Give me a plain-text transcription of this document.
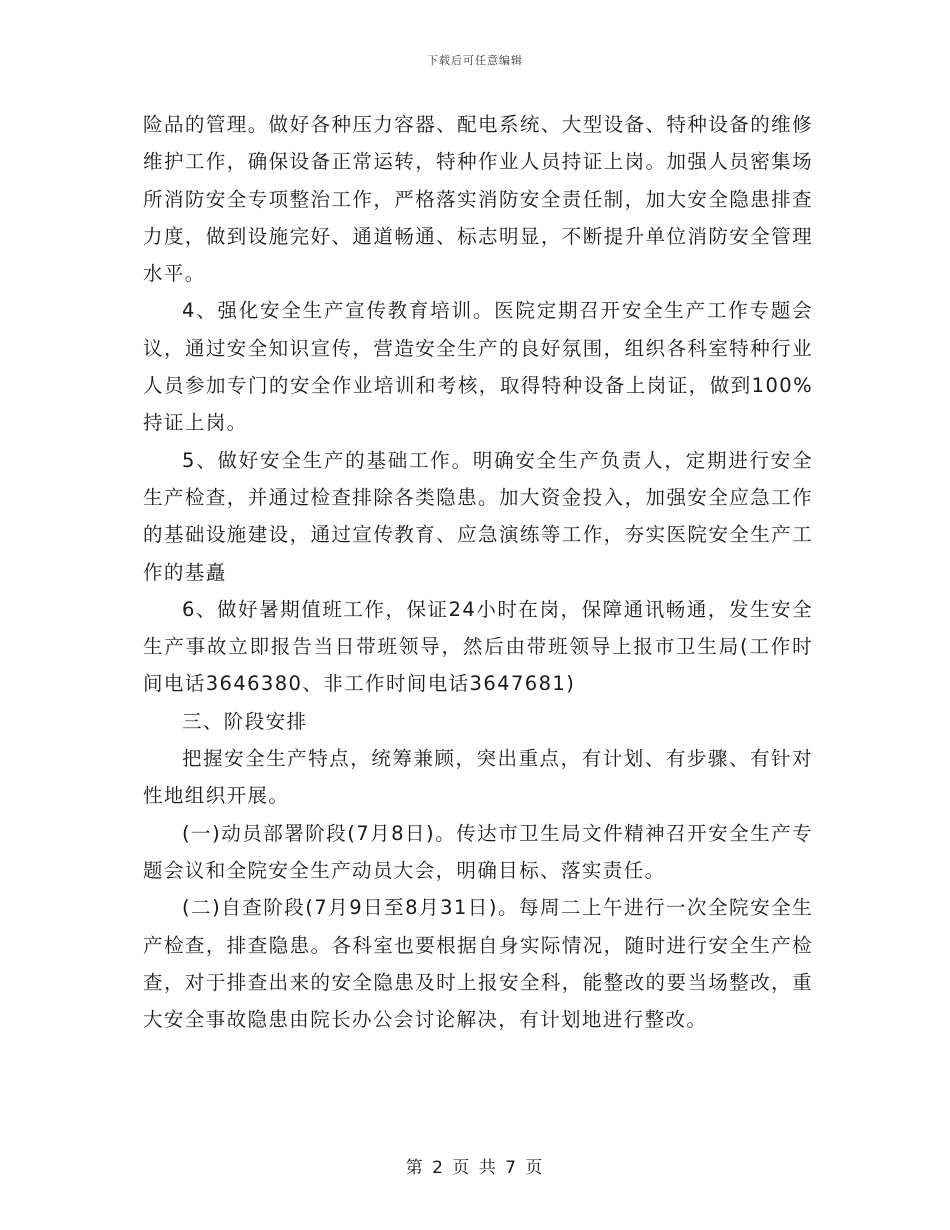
下载后可任意编辑

险品的管理。做好各种压力容器、配电系统、大型设备、特种设备的维修维护工作，确保设备正常运转，特种作业人员持证上岗。加强人员密集场所消防安全专项整治工作，严格落实消防安全责任制，加大安全隐患排查力度，做到设施完好、通道畅通、标志明显，不断提升单位消防安全管理水平。

4、强化安全生产宣传教育培训。医院定期召开安全生产工作专题会议，通过安全知识宣传，营造安全生产的良好氛围，组织各科室特种行业人员参加专门的安全作业培训和考核，取得特种设备上岗证，做到100%持证上岗。

5、做好安全生产的基础工作。明确安全生产负责人，定期进行安全生产检查，并通过检查排除各类隐患。加大资金投入，加强安全应急工作的基础设施建设，通过宣传教育、应急演练等工作，夯实医院安全生产工作的基矗

6、做好暑期值班工作，保证24小时在岗，保障通讯畅通，发生安全生产事故立即报告当日带班领导，然后由带班领导上报市卫生局(工作时间电话3646380、非工作时间电话3647681)

三、阶段安排

把握安全生产特点，统筹兼顾，突出重点，有计划、有步骤、有针对性地组织开展。

(一)动员部署阶段(7月8日)。传达市卫生局文件精神召开安全生产专题会议和全院安全生产动员大会，明确目标、落实责任。

(二)自查阶段(7月9日至8月31日)。每周二上午进行一次全院安全生产检查，排查隐患。各科室也要根据自身实际情况，随时进行安全生产检查，对于排查出来的安全隐患及时上报安全科，能整改的要当场整改，重大安全事故隐患由院长办公会讨论解决，有计划地进行整改。

第 2 页 共 7 页
